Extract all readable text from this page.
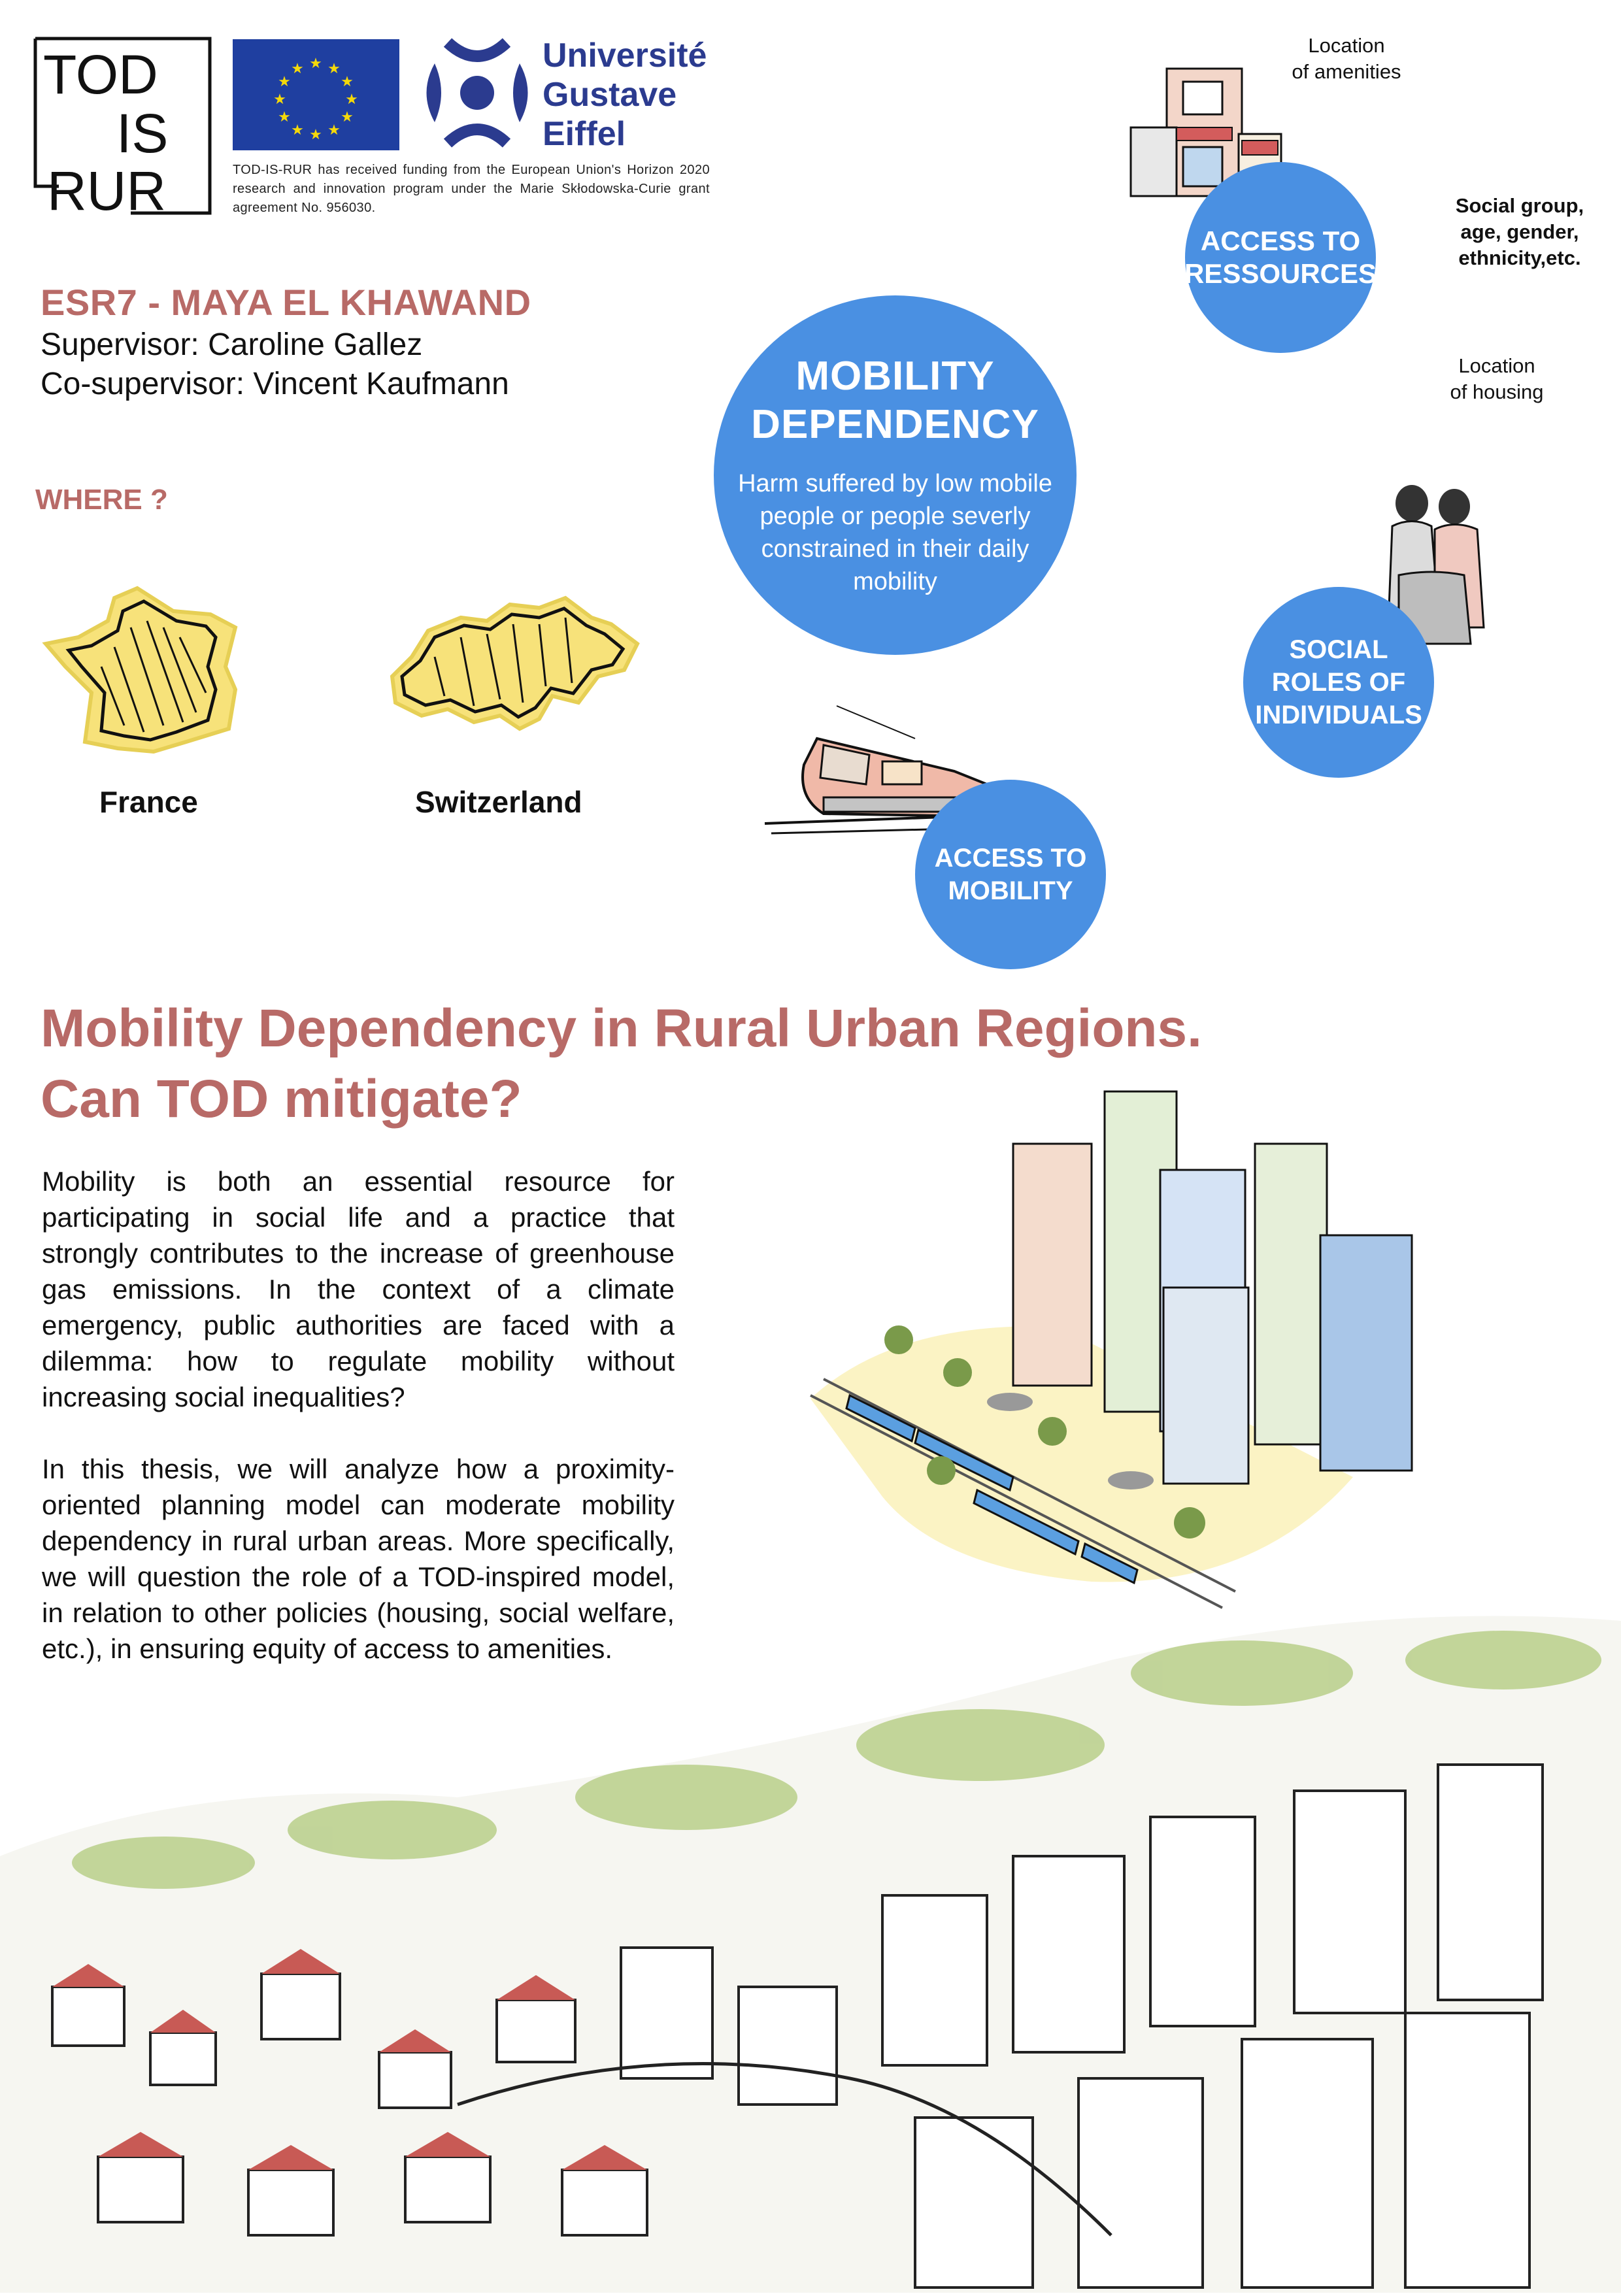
TOD
IS
RUR
★ ★
★
★
★
★
★
★
★
★
★
★	Université
Gustave
Eiffel
TOD-IS-RUR has received funding from the European Union's Horizon 2020 research and innovation program under the Marie Skłodowska-Curie grant agreement No. 956030.
ESR7 - MAYA EL KHAWAND
Supervisor: Caroline Gallez
Co-supervisor: Vincent Kaufmann
WHERE ?
France	Switzerland
Location
of amenities
ACCESS TO
RESSOURCES
Social group,
age, gender,
ethnicity,etc.
Location
of housing
MOBILITY
DEPENDENCY
Harm suffered by low mobile people or people severly constrained in their daily mobility
SOCIAL
ROLES OF
INDIVIDUALS
ACCESS TO
MOBILITY
Mobility Dependency in Rural Urban Regions.
Can TOD mitigate?

Mobility is both an essential resource for participating in social life and a practice that strongly contributes to the increase of greenhouse gas emissions. In the context of a climate emergency, public authorities are faced with a dilemma: how to regulate mobility without increasing social inequalities?

In this thesis, we will analyze how a proximity-oriented planning model can moderate mobility dependency in rural urban areas. More specifically, we will question the role of a TOD-inspired model, in relation to other policies (housing, social welfare, etc.), in ensuring equity of access to amenities.
